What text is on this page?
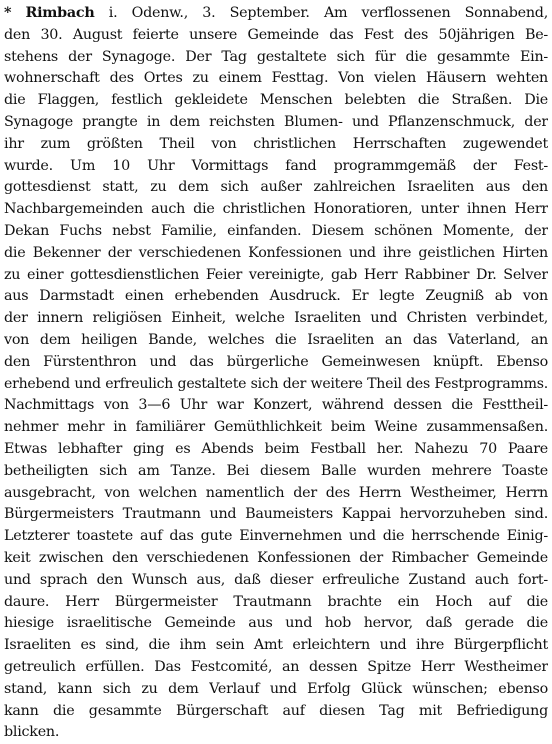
* Rimbach i. Odenw., 3. September. Am verflossenen Sonnabend,
den 30. August feierte unsere Gemeinde das Fest des 50jährigen Be-
stehens der Synagoge. Der Tag gestaltete sich für die gesammte Ein-
wohnerschaft des Ortes zu einem Festtag. Von vielen Häusern wehten
die Flaggen, festlich gekleidete Menschen belebten die Straßen. Die
Synagoge prangte in dem reichsten Blumen- und Pflanzenschmuck, der
ihr zum größten Theil von christlichen Herrschaften zugewendet
wurde. Um 10 Uhr Vormittags fand programmgemäß der Fest-
gottesdienst statt, zu dem sich außer zahlreichen Israeliten aus den
Nachbargemeinden auch die christlichen Honoratioren, unter ihnen Herr
Dekan Fuchs nebst Familie, einfanden. Diesem schönen Momente, der
die Bekenner der verschiedenen Konfessionen und ihre geistlichen Hirten
zu einer gottesdienstlichen Feier vereinigte, gab Herr Rabbiner Dr. Selver
aus Darmstadt einen erhebenden Ausdruck. Er legte Zeugniß ab von
der innern religiösen Einheit, welche Israeliten und Christen verbindet,
von dem heiligen Bande, welches die Israeliten an das Vaterland, an
den Fürstenthron und das bürgerliche Gemeinwesen knüpft. Ebenso
erhebend und erfreulich gestaltete sich der weitere Theil des Festprogramms.
Nachmittags von 3—6 Uhr war Konzert, während dessen die Festtheil-
nehmer mehr in familiärer Gemüthlichkeit beim Weine zusammensaßen.
Etwas lebhafter ging es Abends beim Festball her. Nahezu 70 Paare
betheiligten sich am Tanze. Bei diesem Balle wurden mehrere Toaste
ausgebracht, von welchen namentlich der des Herrn Westheimer, Herrn
Bürgermeisters Trautmann und Baumeisters Kappai hervorzuheben sind.
Letzterer toastete auf das gute Einvernehmen und die herrschende Einig-
keit zwischen den verschiedenen Konfessionen der Rimbacher Gemeinde
und sprach den Wunsch aus, daß dieser erfreuliche Zustand auch fort-
daure. Herr Bürgermeister Trautmann brachte ein Hoch auf die
hiesige israelitische Gemeinde aus und hob hervor, daß gerade die
Israeliten es sind, die ihm sein Amt erleichtern und ihre Bürgerpflicht
getreulich erfüllen. Das Festcomité, an dessen Spitze Herr Westheimer
stand, kann sich zu dem Verlauf und Erfolg Glück wünschen; ebenso
kann die gesammte Bürgerschaft auf diesen Tag mit Befriedigung
blicken.
